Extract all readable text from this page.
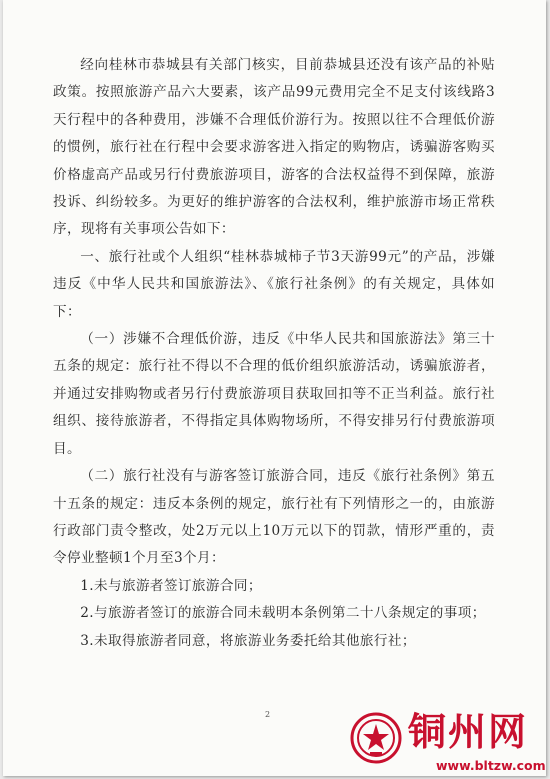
经向桂林市恭城县有关部门核实，目前恭城县还没有该产品的补贴政策。按照旅游产品六大要素，该产品99元费用完全不足支付该线路3天行程中的各种费用，涉嫌不合理低价游行为。按照以往不合理低价游的惯例，旅行社在行程中会要求游客进入指定的购物店，诱骗游客购买价格虚高产品或另行付费旅游项目，游客的合法权益得不到保障，旅游投诉、纠纷较多。为更好的维护游客的合法权利，维护旅游市场正常秩序，现将有关事项公告如下：

一、旅行社或个人组织“桂林恭城柿子节3天游99元”的产品，涉嫌违反《中华人民共和国旅游法》、《旅行社条例》的有关规定，具体如下：

（一）涉嫌不合理低价游，违反《中华人民共和国旅游法》第三十五条的规定：旅行社不得以不合理的低价组织旅游活动，诱骗旅游者，并通过安排购物或者另行付费旅游项目获取回扣等不正当利益。旅行社组织、接待旅游者，不得指定具体购物场所，不得安排另行付费旅游项目。

（二）旅行社没有与游客签订旅游合同，违反《旅行社条例》第五十五条的规定：违反本条例的规定，旅行社有下列情形之一的，由旅游行政部门责令整改，处2万元以上10万元以下的罚款，情形严重的，责令停业整顿1个月至3个月：

1.未与旅游者签订旅游合同；

2.与旅游者签订的旅游合同未载明本条例第二十八条规定的事项；

3.未取得旅游者同意，将旅游业务委托给其他旅行社；

2	铜州网
www.bltzw.com
